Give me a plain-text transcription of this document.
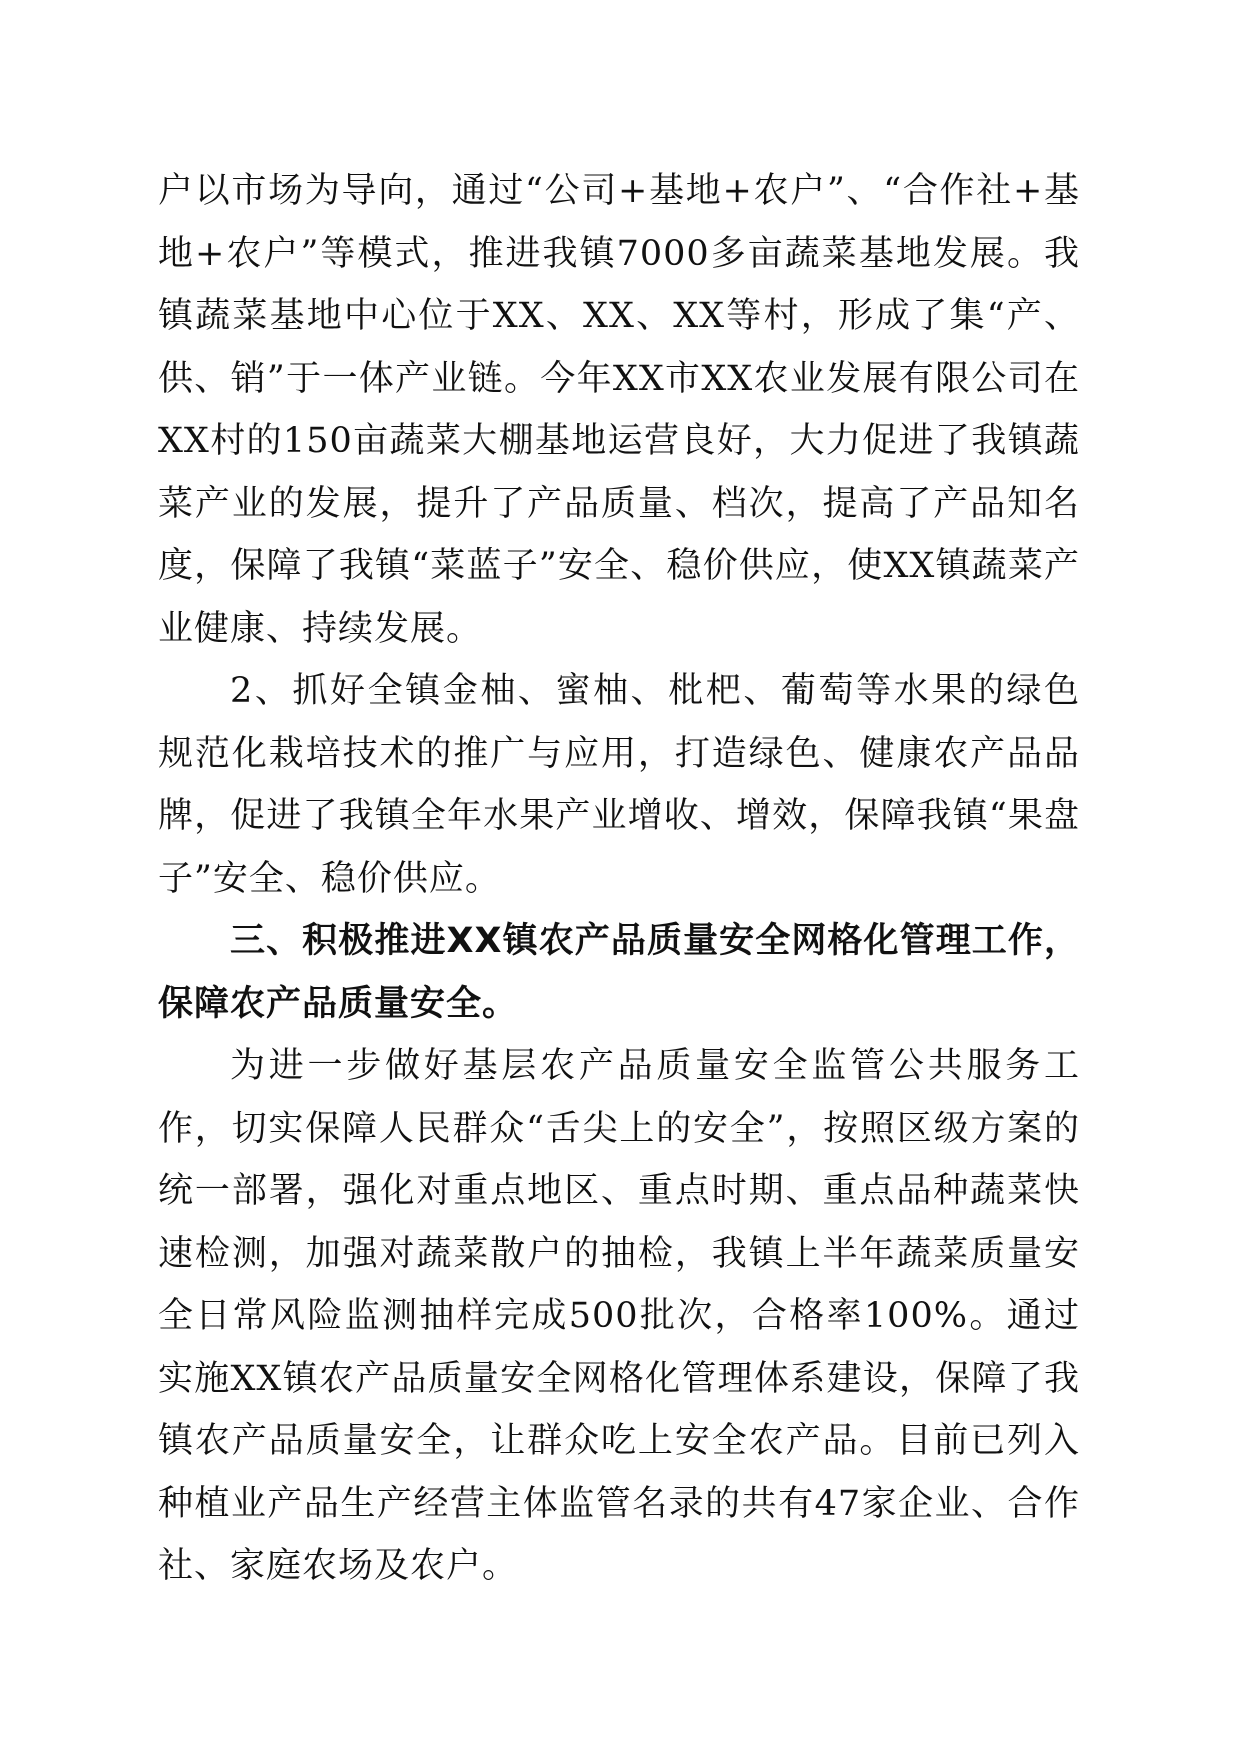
户以市场为导向，通过“公司+基地+农户”、“合作社+基地+农户”等模式，推进我镇7000多亩蔬菜基地发展。我镇蔬菜基地中心位于XX、XX、XX等村，形成了集“产、供、销”于一体产业链。今年XX市XX农业发展有限公司在XX村的150亩蔬菜大棚基地运营良好，大力促进了我镇蔬菜产业的发展，提升了产品质量、档次，提高了产品知名度，保障了我镇“菜蓝子”安全、稳价供应，使XX镇蔬菜产业健康、持续发展。

2、抓好全镇金柚、蜜柚、枇杷、葡萄等水果的绿色规范化栽培技术的推广与应用，打造绿色、健康农产品品牌，促进了我镇全年水果产业增收、增效，保障我镇“果盘子”安全、稳价供应。

三、积极推进XX镇农产品质量安全网格化管理工作，保障农产品质量安全。

为进一步做好基层农产品质量安全监管公共服务工作，切实保障人民群众“舌尖上的安全”，按照区级方案的统一部署，强化对重点地区、重点时期、重点品种蔬菜快速检测，加强对蔬菜散户的抽检，我镇上半年蔬菜质量安全日常风险监测抽样完成500批次，合格率100%。通过实施XX镇农产品质量安全网格化管理体系建设，保障了我镇农产品质量安全，让群众吃上安全农产品。目前已列入种植业产品生产经营主体监管名录的共有47家企业、合作社、家庭农场及农户。
